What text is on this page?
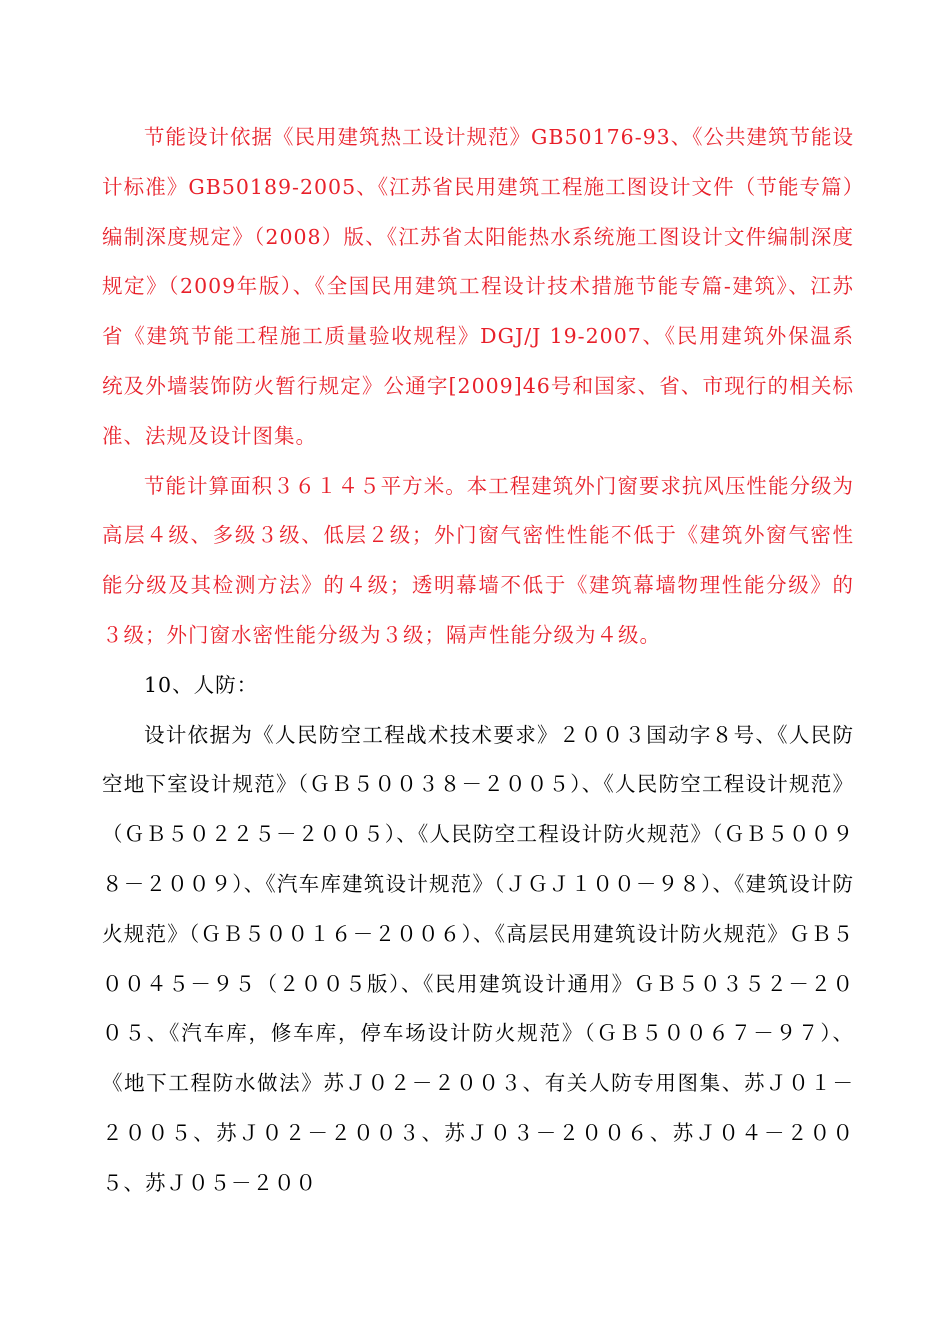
节能设计依据《民用建筑热工设计规范》GB50176-93、《公共建筑节能设计标准》GB50189-2005、《江苏省民用建筑工程施工图设计文件（节能专篇）编制深度规定》（2008）版、《江苏省太阳能热水系统施工图设计文件编制深度规定》（2009年版）、《全国民用建筑工程设计技术措施节能专篇-建筑》、江苏省《建筑节能工程施工质量验收规程》DGJ/J 19-2007、《民用建筑外保温系统及外墙装饰防火暂行规定》公通字[2009]46号和国家、省、市现行的相关标准、法规及设计图集。

节能计算面积３６１４５平方米。本工程建筑外门窗要求抗风压性能分级为高层４级、多级３级、低层２级；外门窗气密性性能不低于《建筑外窗气密性能分级及其检测方法》的４级；透明幕墙不低于《建筑幕墙物理性能分级》的３级；外门窗水密性能分级为３级；隔声性能分级为４级。

10、人防：

设计依据为《人民防空工程战术技术要求》２００３国动字８号、《人民防空地下室设计规范》（ＧＢ５００３８－２００５）、《人民防空工程设计规范》（ＧＢ５０２２５－２００５）、《人民防空工程设计防火规范》（ＧＢ５００９８－２００９）、《汽车库建筑设计规范》（ＪＧＪ１００－９８）、《建筑设计防火规范》（ＧＢ５００１６－２００６）、《高层民用建筑设计防火规范》ＧＢ５００４５－９５（２００５版）、《民用建筑设计通用》ＧＢ５０３５２－２００５、《汽车库，修车库，停车场设计防火规范》（ＧＢ５００６７－９７）、《地下工程防水做法》苏Ｊ０２－２００３、有关人防专用图集、苏Ｊ０１－２００５、苏Ｊ０２－２００３、苏Ｊ０３－２００６、苏Ｊ０４－２００５、苏Ｊ０５－２００
